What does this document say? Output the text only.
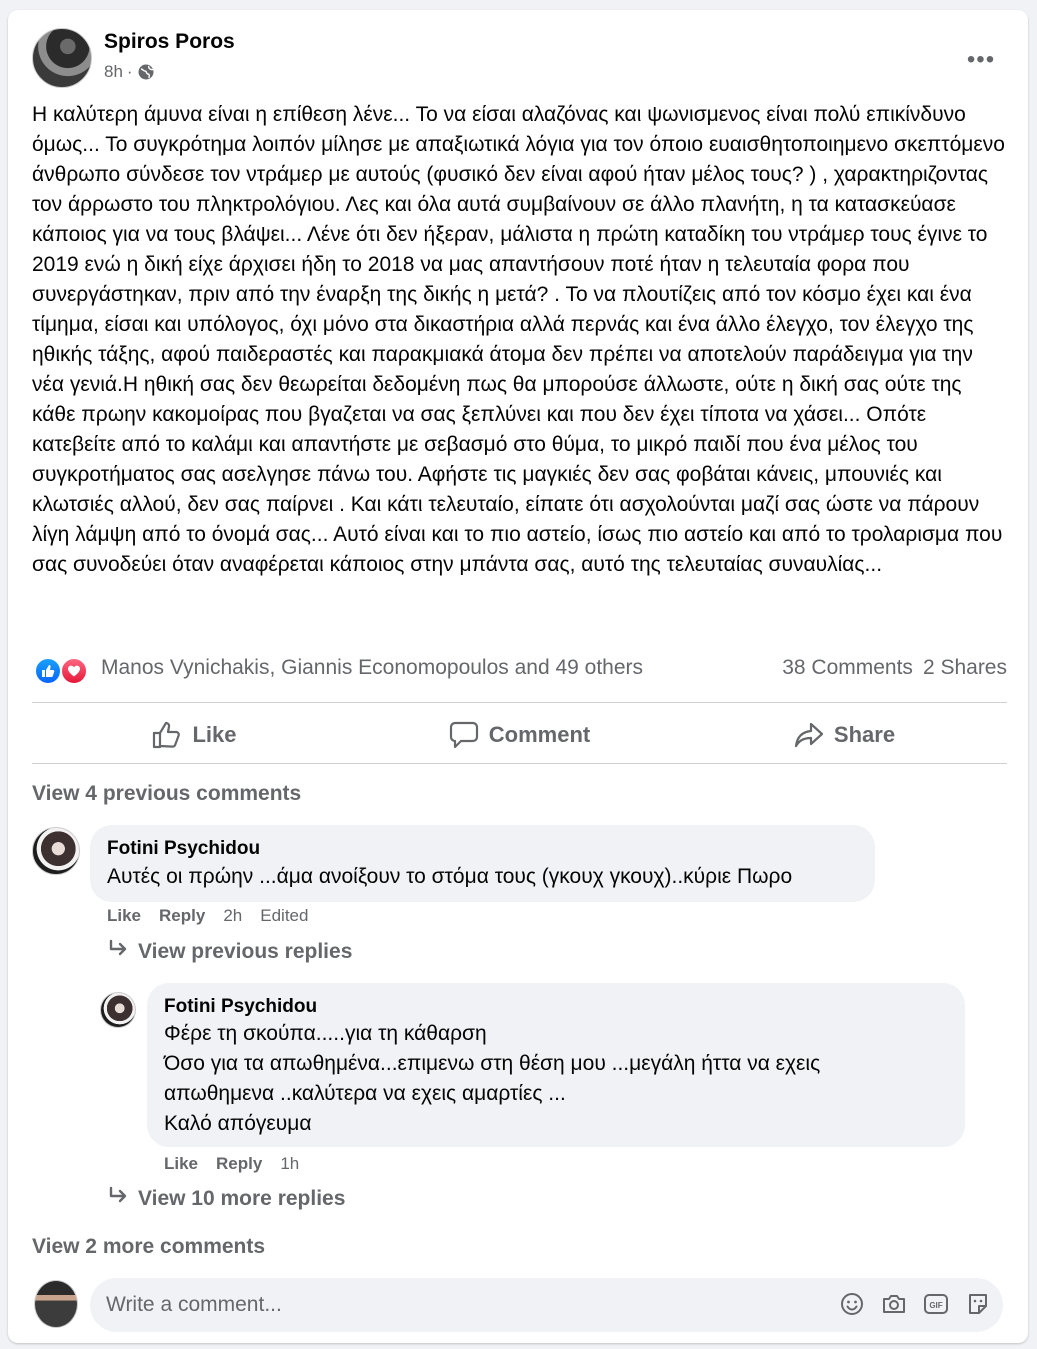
Spiros Poros
8h ·	•••
Η καλύτερη άμυνα είναι η επίθεση λένε... Το να είσαι αλαζόνας και ψωνισμενος είναι πολύ επικίνδυνο όμως... Το συγκρότημα λοιπόν μίλησε με απαξιωτικά λόγια για τον όποιο ευαισθητοποιημενο σκεπτόμενο άνθρωπο σύνδεσε τον ντράμερ με αυτούς (φυσικό δεν είναι αφού ήταν μέλος τους? ) , χαρακτηριζοντας τον άρρωστο του πληκτρολόγιου. Λες και όλα αυτά συμβαίνουν σε άλλο πλανήτη, η τα κατασκεύασε κάποιος για να τους βλάψει... Λένε ότι δεν ήξεραν, μάλιστα η πρώτη καταδίκη του ντράμερ τους έγινε το 2019 ενώ η δική είχε άρχισει ήδη το 2018 να μας απαντήσουν ποτέ ήταν η τελευταία φορα που συνεργάστηκαν, πριν από την έναρξη της δικής η μετά? . Το να πλουτίζεις από τον κόσμο έχει και ένα τίμημα, είσαι και υπόλογος, όχι μόνο στα δικαστήρια αλλά περνάς και ένα άλλο έλεγχο, τον έλεγχο της ηθικής τάξης, αφού παιδεραστές και παρακμιακά άτομα δεν πρέπει να αποτελούν παράδειγμα για την νέα γενιά.Η ηθική σας δεν θεωρείται δεδομένη πως θα μπορούσε άλλωστε, ούτε η δική σας ούτε της κάθε πρωην κακομοίρας που βγαζεται να σας ξεπλύνει και που δεν έχει τίποτα να χάσει... Οπότε κατεβείτε από το καλάμι και απαντήστε με σεβασμό στο θύμα, το μικρό παιδί που ένα μέλος του συγκροτήματος σας ασελγησε πάνω του. Αφήστε τις μαγκιές δεν σας φοβάται κάνεις, μπουνιές και κλωτσιές αλλού, δεν σας παίρνει . Και κάτι τελευταίο, είπατε ότι ασχολούνται μαζί σας ώστε να πάρουν λίγη λάμψη από το όνομά σας... Αυτό είναι και το πιο αστείο, ίσως πιο αστείο και από το τρολαρισμα που σας συνοδεύει όταν αναφέρεται κάποιος στην μπάντα σας, αυτό της τελευταίας συναυλίας...
Manos Vynichakis, Giannis Economopoulos and 49 others	38 Comments 2 Shares
Like	Comment	Share
View 4 previous comments
Fotini Psychidou
Αυτές οι πρώην ...άμα ανοίξουν το στόμα τους (γκουχ γκουχ)..κύριε Πωρο
Like Reply 2h Edited
View previous replies
Fotini Psychidou
Φέρε τη σκούπα.....για τη κάθαρση
Όσο για τα απωθημένα...επιμενω στη θέση μου ...μεγάλη ήττα να εχεις
απωθημενα ..καλύτερα να εχεις αμαρτίες ...
Καλό απόγευμα
Like Reply 1h
View 10 more replies
View 2 more comments
Write a comment...
GIF
